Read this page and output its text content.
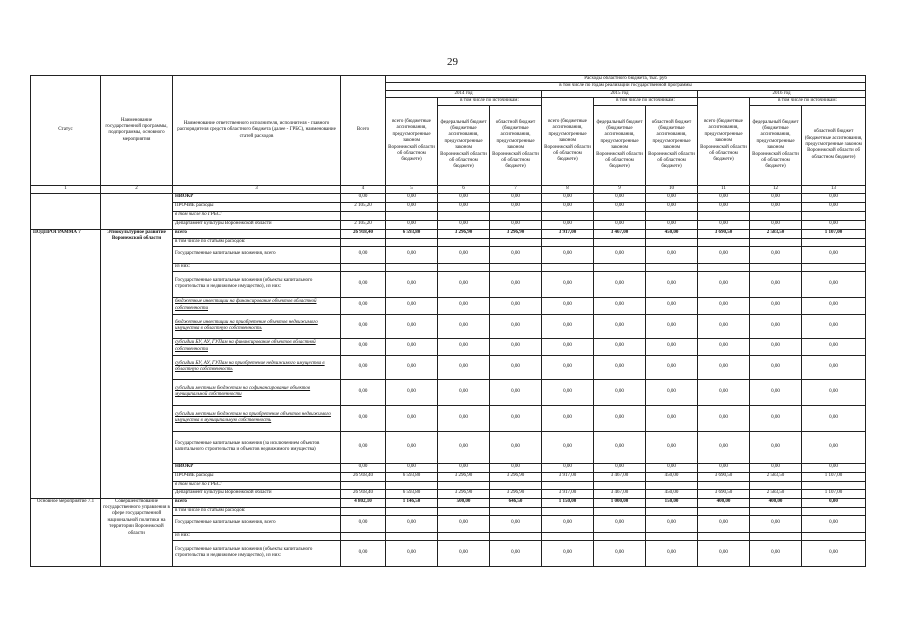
29
Статус	Наименование государственной программы, подпрограммы, основного мероприятия	Наименование ответственного исполнителя, исполнителя - главного распорядителя средств областного бюджета (далее - ГРБС), наименование статей расходов	Всего	Расходы областного бюджета, тыс. руб								
				в том числе по годам реализации государственной программы								
				2014 год			2015 год			2016 год		
				всего (бюджетные ассигнования, предусмотренные законом Воронежской области об областном бюджете)	в том числе по источникам:		всего (бюджетные ассигнования, предусмотренные законом Воронежской области об областном бюджете)	в том числе по источникам:		всего (бюджетные ассигнования, предусмотренные законом Воронежской области об областном бюджете)	в том числе по источникам:	
					федеральный бюджет (бюджетные ассигнования, предусмотренные законом Воронежской области об областном бюджете)	областной бюджет (бюджетные ассигнования, предусмотренные законом Воронежской области об областном бюджете)		федеральный бюджет (бюджетные ассигнования, предусмотренные законом Воронежской области об областном бюджете)	областной бюджет (бюджетные ассигнования, предусмотренные законом Воронежской области об областном бюджете)		федеральный бюджет (бюджетные ассигнования, предусмотренные законом Воронежской области об областном бюджете)	областной бюджет (бюджетные ассигнования, предусмотренные законом Воронежской области об областном бюджете)
1	2	3	4	5	6	7	8	9	10	11	12	13
		НИОКР	0,00	0,00	0,00	0,00	0,00	0,00	0,00	0,00	0,00	0,00
		ПРОЧИЕ расходы	2 105,20	0,00	0,00	0,00	0,00	0,00	0,00	0,00	0,00	0,00
		в том числе по ГРБС:										
		Департамент культуры Воронежской области	2 105,20	0,00	0,00	0,00	0,00	0,00	0,00	0,00	0,00	0,00
ПОДПРОГРАММА 7	Этнокультурное развитие Воронежской области	всего	26 918,40	6 593,80	3 296,90	3 296,90	3 917,00	3 467,00	450,00	3 690,50	2 583,50	1 107,00
		в том числе по статьям расходов:										
		Государственные капитальные вложения, всего	0,00	0,00	0,00	0,00	0,00	0,00	0,00	0,00	0,00	0,00
		из них:										
		Государственные капитальные вложения (объекты капитального строительства и недвижимое имущество), из них:	0,00	0,00	0,00	0,00	0,00	0,00	0,00	0,00	0,00	0,00
		бюджетные инвестиции на финансирование объектов областной собственности	0,00	0,00	0,00	0,00	0,00	0,00	0,00	0,00	0,00	0,00
		бюджетные инвестиции на приобретение объектов недвижимого имущества в областную собственность	0,00	0,00	0,00	0,00	0,00	0,00	0,00	0,00	0,00	0,00
		субсидии БУ, АУ, ГУПам на финансирование объектов областной собственности	0,00	0,00	0,00	0,00	0,00	0,00	0,00	0,00	0,00	0,00
		субсидии БУ, АУ, ГУПам на приобретение недвижимого имущества в областную собственность	0,00	0,00	0,00	0,00	0,00	0,00	0,00	0,00	0,00	0,00
		субсидии местным бюджетам на софинансирование объектов муниципальной собственности	0,00	0,00	0,00	0,00	0,00	0,00	0,00	0,00	0,00	0,00
		субсидии местным бюджетам на приобретение объектов недвижимого имущества в муниципальную собственность	0,00	0,00	0,00	0,00	0,00	0,00	0,00	0,00	0,00	0,00
		Государственные капитальные вложения (за исключением объектов капитального строительства и объектов недвижимого имущества)	0,00	0,00	0,00	0,00	0,00	0,00	0,00	0,00	0,00	0,00
		НИОКР	0,00	0,00	0,00	0,00	0,00	0,00	0,00	0,00	0,00	0,00
		ПРОЧИЕ расходы	26 918,40	6 593,80	3 296,90	3 296,90	3 917,00	3 467,00	450,00	3 690,50	2 583,50	1 107,00
		в том числе по ГРБС:										
		Департамент культуры Воронежской области	26 918,40	6 593,80	3 296,90	3 296,90	3 917,00	3 467,00	450,00	3 690,50	2 583,50	1 107,00
Основное мероприятие 7.1	Совершенствование государственного управления в сфере государственной национальной политики на территории Воронежской области	всего	4 802,10	1 146,50	500,00	646,50	1 150,00	1 000,00	150,00	400,00	400,00	0,00
		в том числе по статьям расходов:										
		Государственные капитальные вложения, всего	0,00	0,00	0,00	0,00	0,00	0,00	0,00	0,00	0,00	0,00
		из них:										
		Государственные капитальные вложения (объекты капитального строительства и недвижимое имущество), из них:	0,00	0,00	0,00	0,00	0,00	0,00	0,00	0,00	0,00	0,00
